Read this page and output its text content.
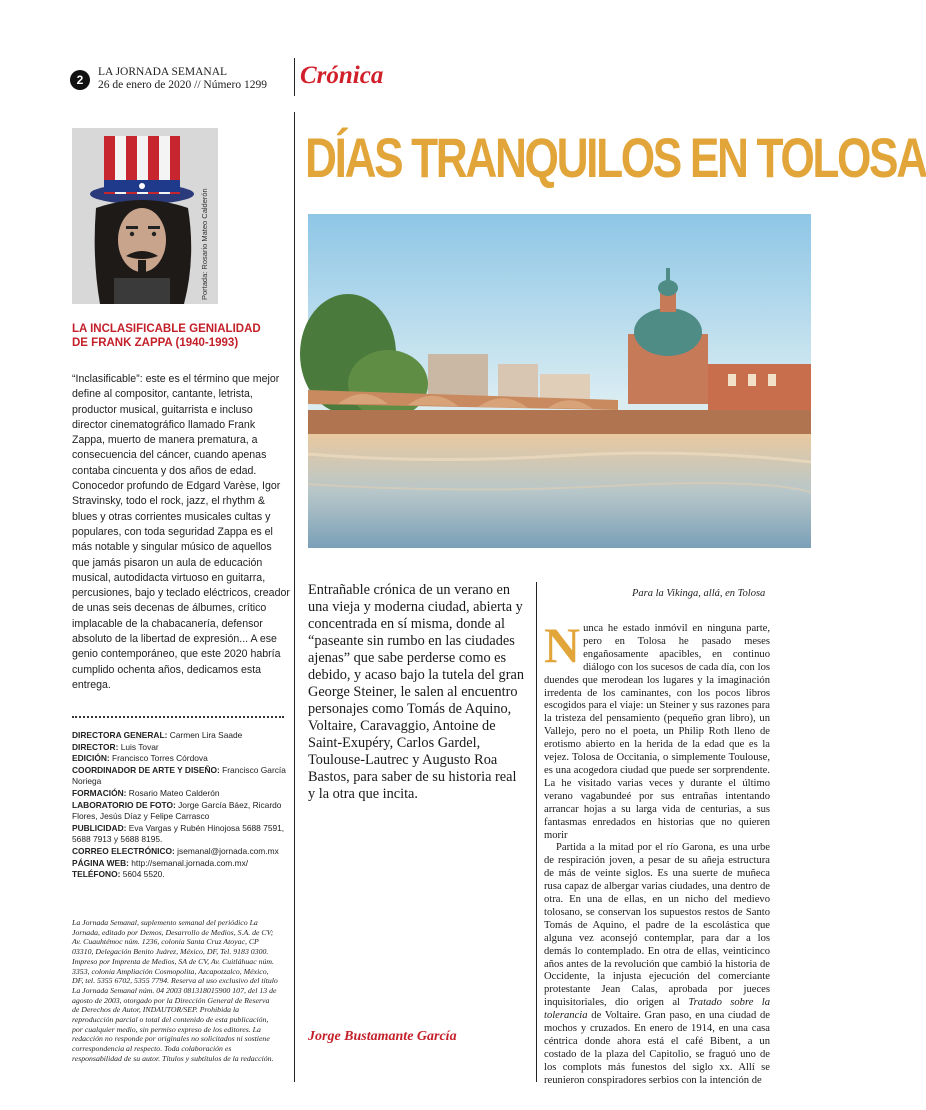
2
LA JORNADA SEMANAL
26 de enero de 2020 // Número 1299 Crónica
DÍAS TRANQUILOS EN TOLOSA
Portada: Rosario Mateo Calderón
LA INCLASIFICABLE GENIALIDAD DE FRANK ZAPPA (1940-1993)
“Inclasificable”: este es el término que mejor define al compositor, cantante, letrista, productor musical, guitarrista e incluso director cinematográfico llamado Frank Zappa, muerto de manera prematura, a consecuencia del cáncer, cuando apenas contaba cincuenta y dos años de edad. Conocedor profundo de Edgard Varèse, Igor Stravinsky, todo el rock, jazz, el rhythm & blues y otras corrientes musicales cultas y populares, con toda seguridad Zappa es el más notable y singular músico de aquellos que jamás pisaron un aula de educación musical, autodidacta virtuoso en guitarra, percusiones, bajo y teclado eléctricos, creador de unas seis decenas de álbumes, crítico implacable de la chabacanería, defensor absoluto de la libertad de expresión... A ese genio contemporáneo, que este 2020 habría cumplido ochenta años, dedicamos esta entrega.
DIRECTORA GENERAL: Carmen Lira Saade
DIRECTOR: Luis Tovar
EDICIÓN: Francisco Torres Córdova
COORDINADOR DE ARTE Y DISEÑO: Francisco García Noriega
FORMACIÓN: Rosario Mateo Calderón
LABORATORIO DE FOTO: Jorge García Báez, Ricardo Flores, Jesús Díaz y Felipe Carrasco
PUBLICIDAD: Eva Vargas y Rubén Hinojosa 5688 7591, 5688 7913 y 5688 8195.
CORREO ELECTRÓNICO: jsemanal@jornada.com.mx
PÁGINA WEB: http://semanal.jornada.com.mx/
TELÉFONO: 5604 5520.
La Jornada Semanal, suplemento semanal del periódico La Jornada, editado por Demos, Desarrollo de Medios, S.A. de CV; Av. Cuauhtémoc núm. 1236, colonia Santa Cruz Atoyac, CP 03310, Delegación Benito Juárez, México, DF, Tel. 9183 0300. Impreso por Imprenta de Medios, SA de CV, Av. Cuitláhuac núm. 3353, colonia Ampliación Cosmopolita, Azcapotzalco, México, DF, tel. 5355 6702, 5355 7794. Reserva al uso exclusivo del título La Jornada Semanal núm. 04 2003 081318015900 107, del 13 de agosto de 2003, otorgado por la Dirección General de Reserva de Derechos de Autor, INDAUTOR/SEP. Prohibida la reproducción parcial o total del contenido de esta publicación, por cualquier medio, sin permiso expreso de los editores. La redacción no responde por originales no solicitados ni sostiene correspondencia al respecto. Toda colaboración es responsabilidad de su autor. Títulos y subtítulos de la redacción.
Entrañable crónica de un verano en una vieja y moderna ciudad, abierta y concentrada en sí misma, donde al “paseante sin rumbo en las ciudades ajenas” que sabe perderse como es debido, y acaso bajo la tutela del gran George Steiner, le salen al encuentro personajes como Tomás de Aquino, Voltaire, Caravaggio, Antoine de Saint-Exupéry, Carlos Gardel, Toulouse-Lautrec y Augusto Roa Bastos, para saber de su historia real y la otra que incita.
Jorge Bustamante García
Para la Vikinga, allá, en Tolosa

Nunca he estado inmóvil en ninguna parte, pero en Tolosa he pasado meses engañosamente apacibles, en continuo diálogo con los sucesos de cada día, con los duendes que merodean los lugares y la imaginación irredenta de los caminantes, con los pocos libros escogidos para el viaje: un Steiner y sus razones para la tristeza del pensamiento (pequeño gran libro), un Vallejo, pero no el poeta, un Philip Roth lleno de erotismo abierto en la herida de la edad que es la vejez. Tolosa de Occitania, o simplemente Toulouse, es una acogedora ciudad que puede ser sorprendente. La he visitado varias veces y durante el último verano vagabundeé por sus entrañas intentando arrancar hojas a su larga vida de centurias, a sus fantasmas enredados en historias que no quieren morir

Partida a la mitad por el río Garona, es una urbe de respiración joven, a pesar de su añeja estructura de más de veinte siglos. Es una suerte de muñeca rusa capaz de albergar varias ciudades, una dentro de otra. En una de ellas, en un nicho del medievo tolosano, se conservan los supuestos restos de Santo Tomás de Aquino, el padre de la escolástica que alguna vez aconsejó contemplar, para dar a los demás lo contemplado. En otra de ellas, veinticinco años antes de la revolución que cambió la historia de Occidente, la injusta ejecución del comerciante protestante Jean Calas, aprobada por jueces inquisitoriales, dio origen al Tratado sobre la tolerancia de Voltaire. Gran paso, en una ciudad de mochos y cruzados. En enero de 1914, en una casa céntrica donde ahora está el café Bibent, a un costado de la plaza del Capitolio, se fraguó uno de los complots más funestos del siglo xx. Allí se reunieron conspiradores serbios con la intención de
